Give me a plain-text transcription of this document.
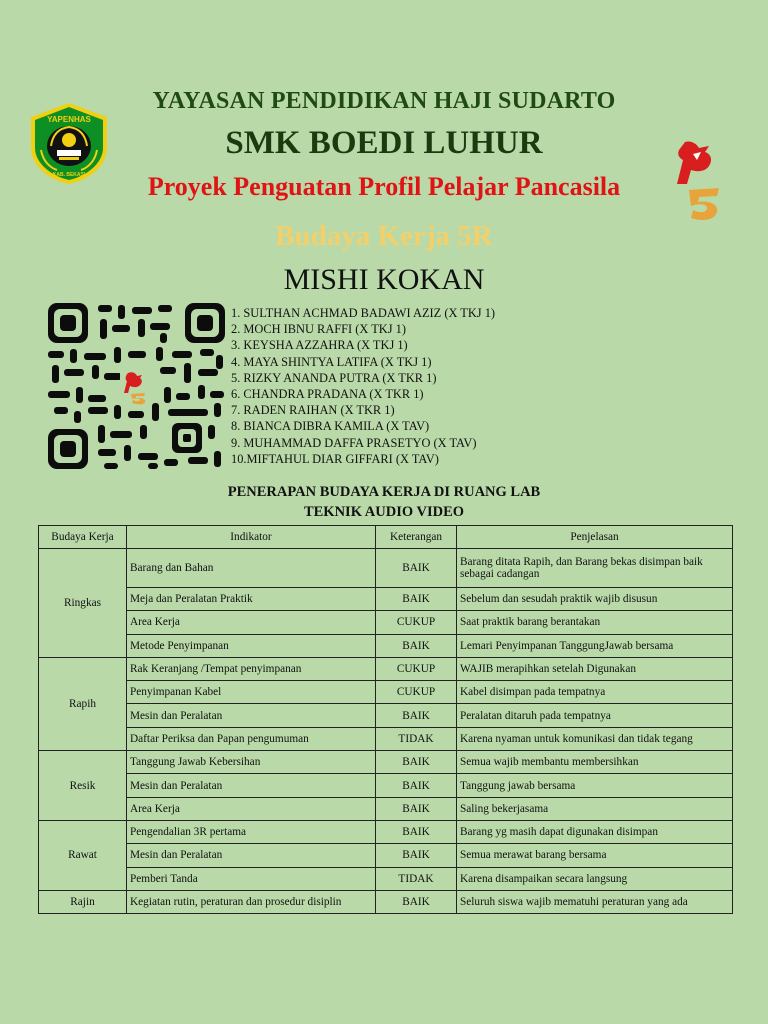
YAPENHAS
KAB. BEKASI
YAYASAN PENDIDIKAN HAJI SUDARTO
SMK BOEDI LUHUR
Proyek Penguatan Profil Pelajar Pancasila
Budaya Kerja 5R
MISHI KOKAN
1. SULTHAN ACHMAD BADAWI AZIZ (X TKJ 1)
2. MOCH IBNU RAFFI (X TKJ 1)
3. KEYSHA AZZAHRA (X TKJ 1)
4. MAYA SHINTYA LATIFA (X TKJ 1)
5. RIZKY ANANDA PUTRA (X TKR 1)
6. CHANDRA PRADANA (X TKR 1)
7. RADEN RAIHAN (X TKR 1)
8. BIANCA DIBRA KAMILA (X TAV)
9. MUHAMMAD DAFFA PRASETYO (X TAV)
10.MIFTAHUL DIAR GIFFARI (X TAV)
PENERAPAN BUDAYA KERJA DI RUANG LAB
TEKNIK AUDIO VIDEO
Budaya Kerja	Indikator	Keterangan	Penjelasan
Ringkas	Barang dan Bahan	BAIK	Barang ditata Rapih, dan Barang bekas disimpan baik sebagai cadangan
	Meja dan Peralatan Praktik	BAIK	Sebelum dan sesudah praktik wajib disusun
	Area Kerja	CUKUP	Saat praktik barang berantakan
	Metode Penyimpanan	BAIK	Lemari Penyimpanan TanggungJawab bersama
Rapih	Rak Keranjang /Tempat penyimpanan	CUKUP	WAJIB merapihkan setelah Digunakan
	Penyimpanan Kabel	CUKUP	Kabel disimpan pada tempatnya
	Mesin dan Peralatan	BAIK	Peralatan ditaruh pada tempatnya
	Daftar Periksa dan Papan pengumuman	TIDAK	Karena nyaman untuk komunikasi dan tidak tegang
Resik	Tanggung Jawab Kebersihan	BAIK	Semua wajib membantu membersihkan
	Mesin dan Peralatan	BAIK	Tanggung jawab bersama
	Area Kerja	BAIK	Saling bekerjasama
Rawat	Pengendalian 3R pertama	BAIK	Barang yg masih dapat digunakan disimpan
	Mesin dan Peralatan	BAIK	Semua merawat barang bersama
	Pemberi Tanda	TIDAK	Karena disampaikan secara langsung
Rajin	Kegiatan rutin, peraturan dan prosedur disiplin	BAIK	Seluruh siswa wajib mematuhi peraturan yang ada
